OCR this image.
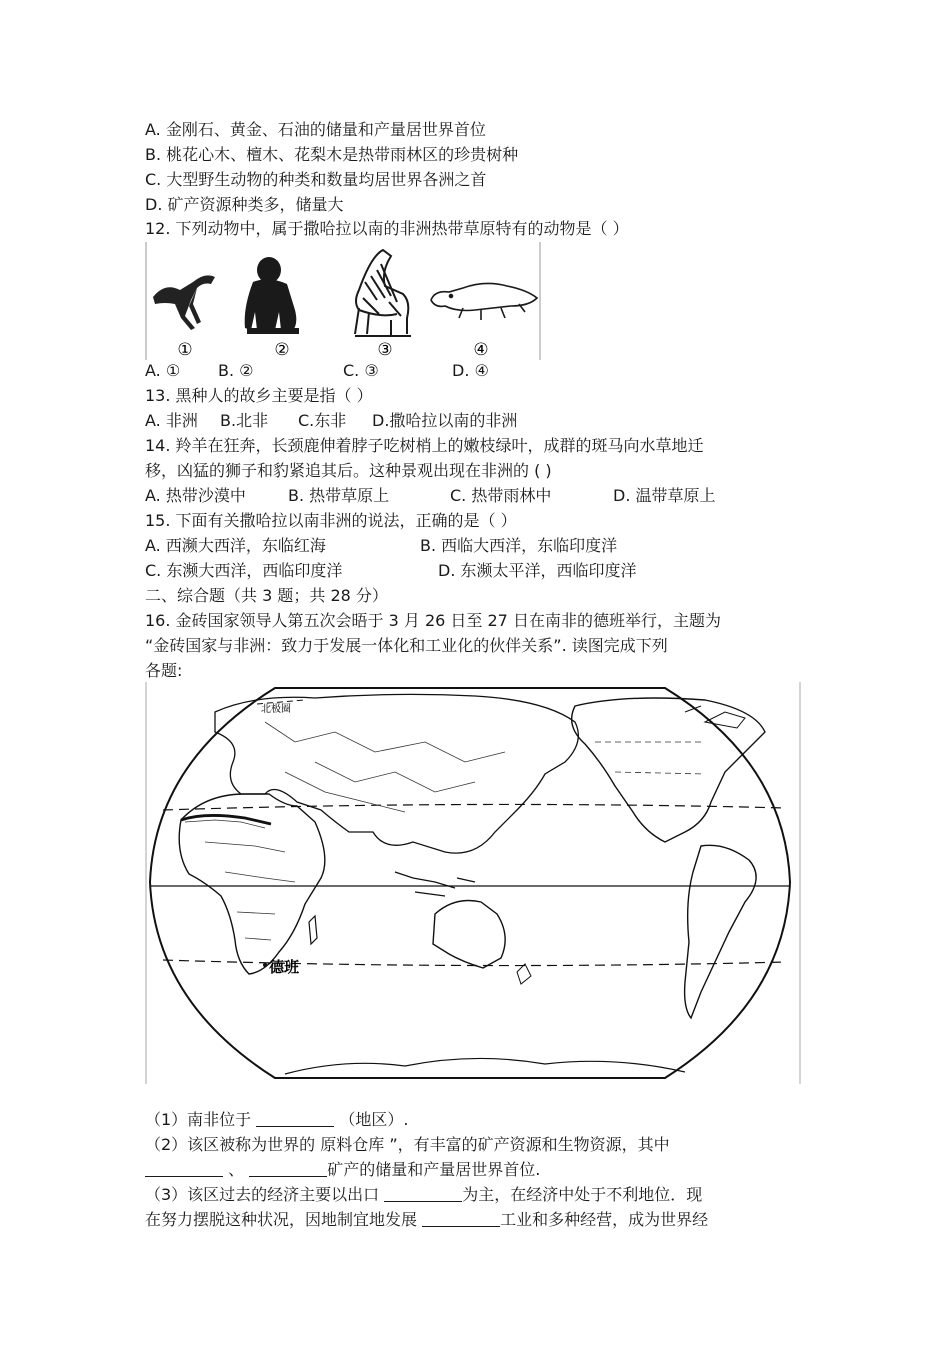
A. 金刚石、黄金、石油的储量和产量居世界首位
B. 桃花心木、檀木、花梨木是热带雨林区的珍贵树种
C. 大型野生动物的种类和数量均居世界各洲之首
D. 矿产资源种类多，储量大
12. 下列动物中，属于撒哈拉以南的非洲热带草原特有的动物是（ ）
①	②	③	④
A. ① B. ②	C. ③	D. ④
13. 黑种人的故乡主要是指（ ）
A. 非洲 B.北非 C.东非 D.撒哈拉以南的非洲
14. 羚羊在狂奔，长颈鹿伸着脖子吃树梢上的嫩枝绿叶，成群的斑马向水草地迁
移，凶猛的狮子和豹紧追其后。这种景观出现在非洲的 ( )
A. 热带沙漠中	B. 热带草原上	C. 热带雨林中	D. 温带草原上
15. 下面有关撒哈拉以南非洲的说法，正确的是（ ）
A. 西濒大西洋，东临红海	B. 西临大西洋，东临印度洋
C. 东濒大西洋，西临印度洋	D. 东濒太平洋，西临印度洋
二、综合题（共 3 题；共 28 分）
16. 金砖国家领导人第五次会晤于 3 月 26 日至 27 日在南非的德班举行，主题为
“金砖国家与非洲：致力于发展一体化和工业化的伙伴关系”. 读图完成下列
各题:
北极圈
德班
（1）南非位于	（地区）.
（2）该区被称为世界的 原料仓库 ”，有丰富的矿产资源和生物资源，其中
、	矿产的储量和产量居世界首位.
（3）该区过去的经济主要以出口	为主，在经济中处于不利地位．现
在努力摆脱这种状况，因地制宜地发展	工业和多种经营，成为世界经
